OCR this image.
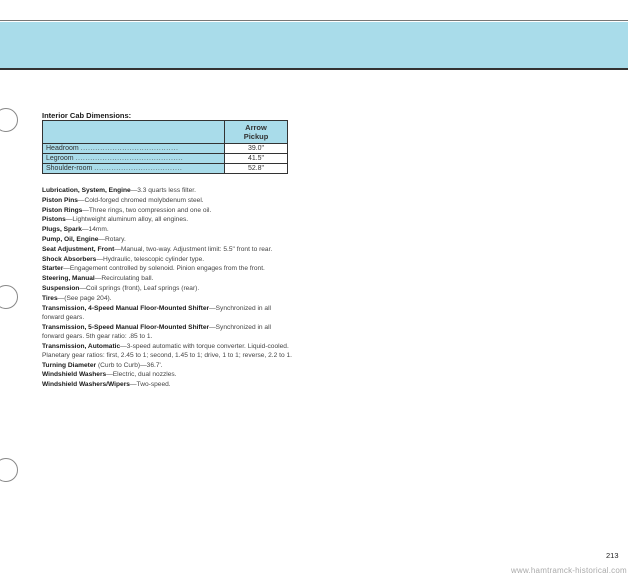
Interior Cab Dimensions:
	Arrow
Pickup
Headroom ........................................	39.0"
Legroom ............................................	41.5"
Shoulder-room ....................................	52.8"

Lubrication, System, Engine—3.3 quarts less filter.

Piston Pins—Cold-forged chromed molybdenum steel.

Piston Rings—Three rings, two compression and one oil.

Pistons—Lightweight aluminum alloy, all engines.

Plugs, Spark—14mm.

Pump, Oil, Engine—Rotary.

Seat Adjustment, Front—Manual, two-way. Adjustment limit: 5.5" front to rear.

Shock Absorbers—Hydraulic, telescopic cylinder type.

Starter—Engagement controlled by solenoid. Pinion engages from the front.

Steering, Manual—Recirculating ball.

Suspension—Coil springs (front), Leaf springs (rear).

Tires—(See page 204).

Transmission, 4-Speed Manual Floor-Mounted Shifter—Synchronized in all forward gears.

Transmission, 5-Speed Manual Floor-Mounted Shifter—Synchronized in all forward gears. 5th gear ratio: .85 to 1.

Transmission, Automatic—3-speed automatic with torque converter. Liquid-cooled. Planetary gear ratios: first, 2.45 to 1; second, 1.45 to 1; drive, 1 to 1; reverse, 2.2 to 1.

Turning Diameter (Curb to Curb)—36.7'.

Windshield Washers—Electric, dual nozzles.

Windshield Washers/Wipers—Two-speed.

213
www.hamtramck-historical.com
